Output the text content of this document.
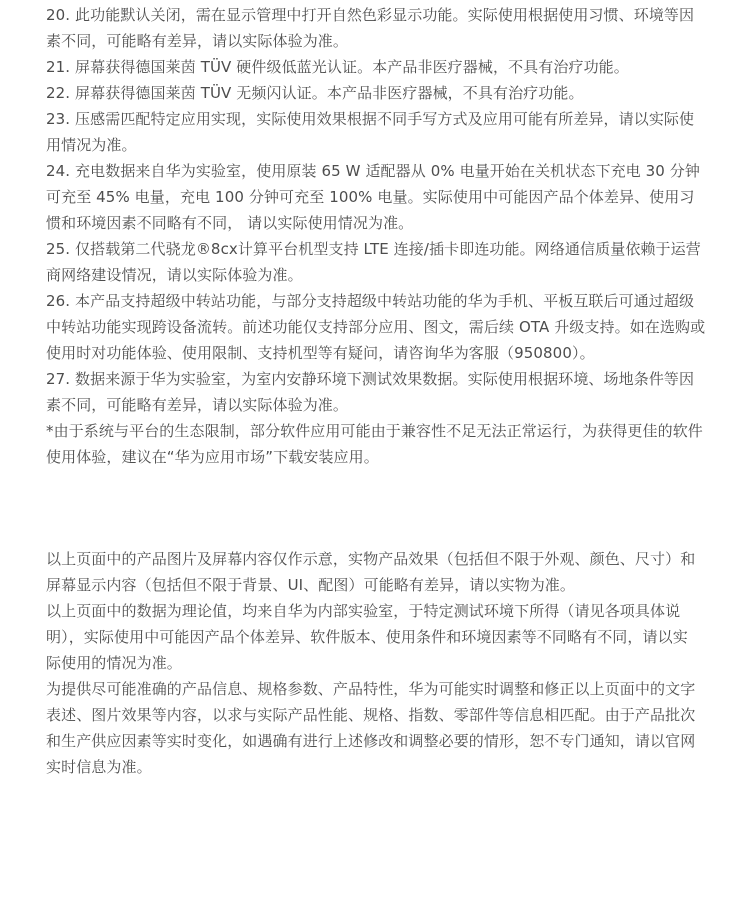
20. 此功能默认关闭，需在显示管理中打开自然色彩显示功能。实际使用根据使用习惯、环境等因素不同，可能略有差异，请以实际体验为准。

21. 屏幕获得德国莱茵 TÜV 硬件级低蓝光认证。本产品非医疗器械，不具有治疗功能。

22. 屏幕获得德国莱茵 TÜV 无频闪认证。本产品非医疗器械，不具有治疗功能。

23. 压感需匹配特定应用实现，实际使用效果根据不同手写方式及应用可能有所差异，请以实际使用情况为准。

24. 充电数据来自华为实验室，使用原装 65 W 适配器从 0% 电量开始在关机状态下充电 30 分钟可充至 45% 电量，充电 100 分钟可充至 100% 电量。实际使用中可能因产品个体差异、使用习惯和环境因素不同略有不同， 请以实际使用情况为准。

25. 仅搭载第二代骁龙®8cx计算平台机型支持 LTE 连接/插卡即连功能。网络通信质量依赖于运营商网络建设情况，请以实际体验为准。

26. 本产品支持超级中转站功能，与部分支持超级中转站功能的华为手机、平板互联后可通过超级中转站功能实现跨设备流转。前述功能仅支持部分应用、图文，需后续 OTA 升级支持。如在选购或使用时对功能体验、使用限制、支持机型等有疑问，请咨询华为客服（950800）。

27. 数据来源于华为实验室，为室内安静环境下测试效果数据。实际使用根据环境、场地条件等因素不同，可能略有差异，请以实际体验为准。

*由于系统与平台的生态限制，部分软件应用可能由于兼容性不足无法正常运行，为获得更佳的软件使用体验，建议在“华为应用市场”下载安装应用。

以上页面中的产品图片及屏幕内容仅作示意，实物产品效果（包括但不限于外观、颜色、尺寸）和屏幕显示内容（包括但不限于背景、UI、配图）可能略有差异，请以实物为准。

以上页面中的数据为理论值，均来自华为内部实验室，于特定测试环境下所得（请见各项具体说明），实际使用中可能因产品个体差异、软件版本、使用条件和环境因素等不同略有不同，请以实际使用的情况为准。

为提供尽可能准确的产品信息、规格参数、产品特性，华为可能实时调整和修正以上页面中的文字表述、图片效果等内容，以求与实际产品性能、规格、指数、零部件等信息相匹配。由于产品批次和生产供应因素等实时变化，如遇确有进行上述修改和调整必要的情形，恕不专门通知，请以官网实时信息为准。
